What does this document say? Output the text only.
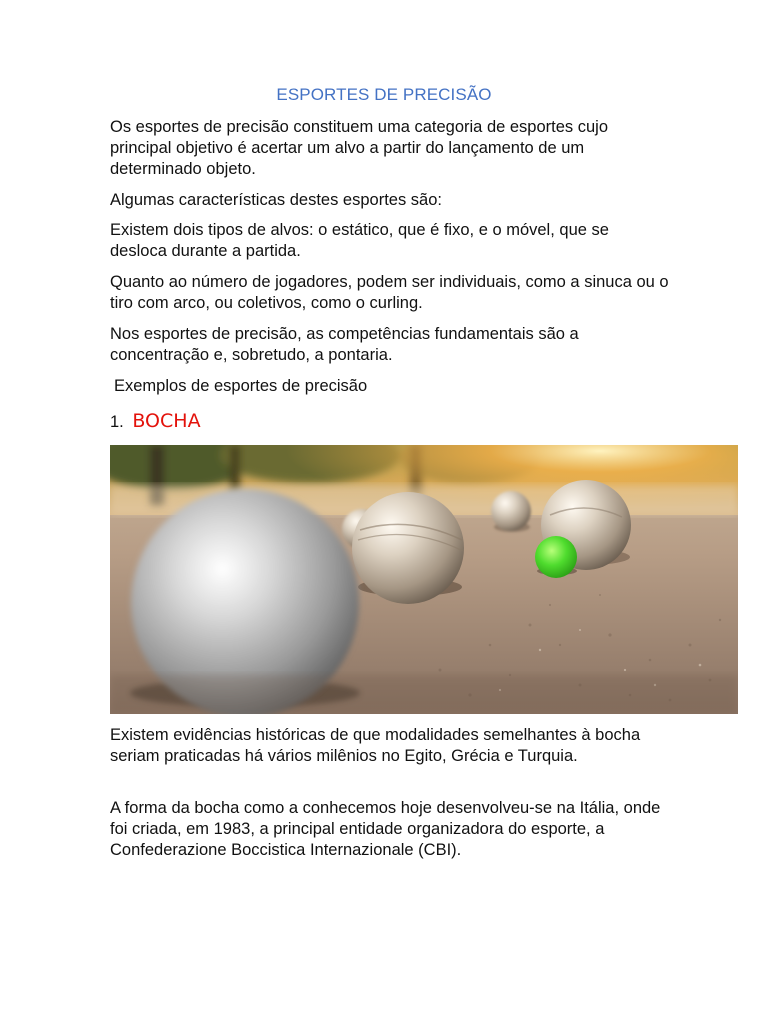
ESPORTES DE PRECISÃO

Os esportes de precisão constituem uma categoria de esportes cujo principal objetivo é acertar um alvo a partir do lançamento de um determinado objeto.

Algumas características destes esportes são:

Existem dois tipos de alvos: o estático, que é fixo, e o móvel, que se desloca durante a partida.

Quanto ao número de jogadores, podem ser individuais, como a sinuca ou o tiro com arco, ou coletivos, como o curling.

Nos esportes de precisão, as competências fundamentais são a concentração e, sobretudo, a pontaria.

Exemplos de esportes de precisão

1. BOCHA

Existem evidências históricas de que modalidades semelhantes à bocha seriam praticadas há vários milênios no Egito, Grécia e Turquia.

A forma da bocha como a conhecemos hoje desenvolveu-se na Itália, onde foi criada, em 1983, a principal entidade organizadora do esporte, a Confederazione Boccistica Internazionale (CBI).
